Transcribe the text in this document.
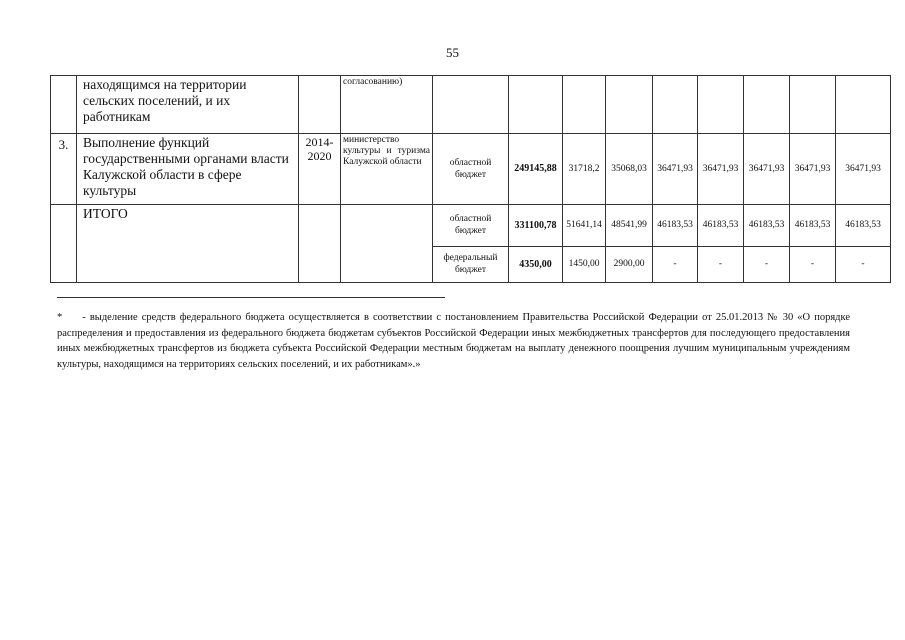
55
	находящимся на территории сельских поселений, и их работникам		согласованию)									
3.	Выполнение функций государственными органами власти Калужской области в сфере культуры	2014-2020	министерство культуры и туризма Калужской области	областной бюджет	249145,88	31718,2	35068,03	36471,93	36471,93	36471,93	36471,93	36471,93
	ИТОГО			областной бюджет	331100,78	51641,14	48541,99	46183,53	46183,53	46183,53	46183,53	46183,53
				федеральный бюджет	4350,00	1450,00	2900,00	-	-	-	-	-
* - выделение средств федерального бюджета осуществляется в соответствии с постановлением Правительства Российской Федерации от 25.01.2013 № 30 «О порядке распределения и предоставления из федерального бюджета бюджетам субъектов Российской Федерации иных межбюджетных трансфертов для последующего предоставления иных межбюджетных трансфертов из бюджета субъекта Российской Федерации местным бюджетам на выплату денежного поощрения лучшим муниципальным учреждениям культуры, находящимся на территориях сельских поселений, и их работникам».»
